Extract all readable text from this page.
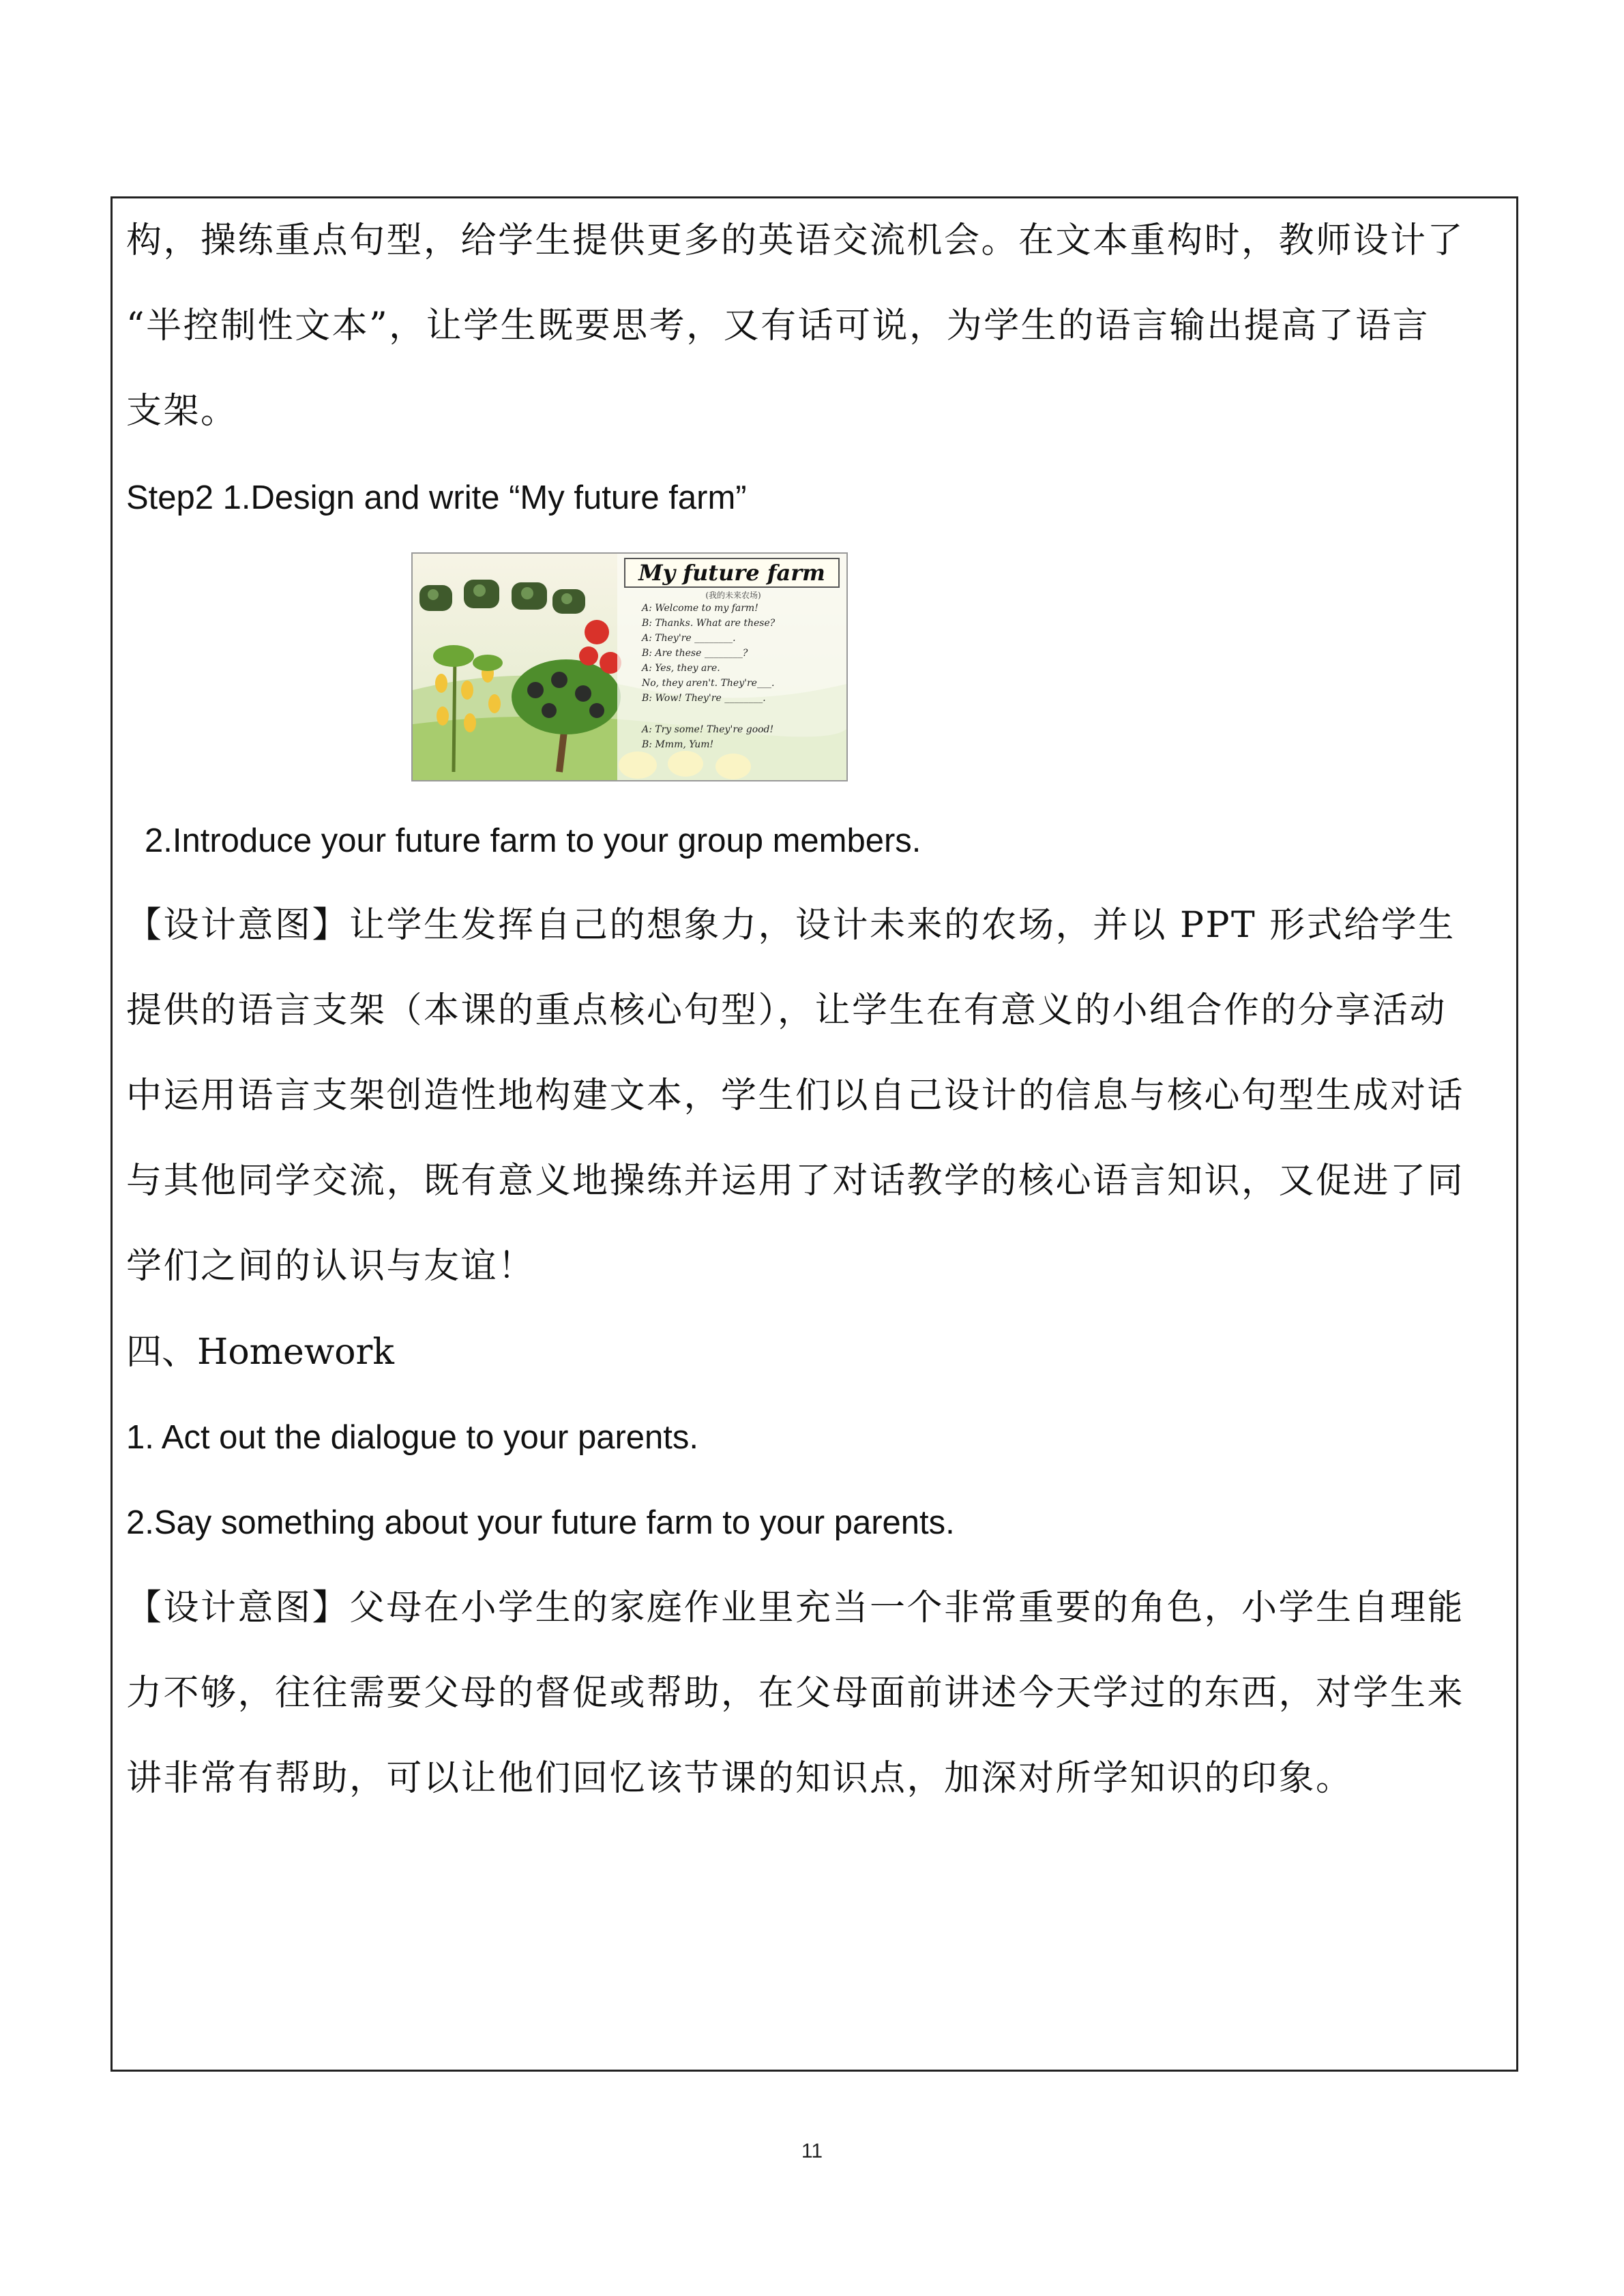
构，操练重点句型，给学生提供更多的英语交流机会。在文本重构时，教师设计了
“半控制性文本”，让学生既要思考，又有话可说，为学生的语言输出提高了语言
支架。
Step2 1.Design and write “My future farm”
My future farm
(我的未来农场)
A: Welcome to my farm!
B: Thanks. What are these?
A: They're ________.
B: Are these ________?
A: Yes, they are.
No, they aren't. They're___.
B: Wow! They're ________.
A: Try some! They're good!
B: Mmm, Yum!
2.Introduce your future farm to your group members.
【设计意图】让学生发挥自己的想象力，设计未来的农场，并以 PPT 形式给学生
提供的语言支架（本课的重点核心句型），让学生在有意义的小组合作的分享活动
中运用语言支架创造性地构建文本，学生们以自己设计的信息与核心句型生成对话
与其他同学交流，既有意义地操练并运用了对话教学的核心语言知识，又促进了同
学们之间的认识与友谊！
四、Homework
1. Act out the dialogue to your parents.
2.Say something about your future farm to your parents.
【设计意图】父母在小学生的家庭作业里充当一个非常重要的角色，小学生自理能
力不够，往往需要父母的督促或帮助，在父母面前讲述今天学过的东西，对学生来
讲非常有帮助，可以让他们回忆该节课的知识点，加深对所学知识的印象。
11
